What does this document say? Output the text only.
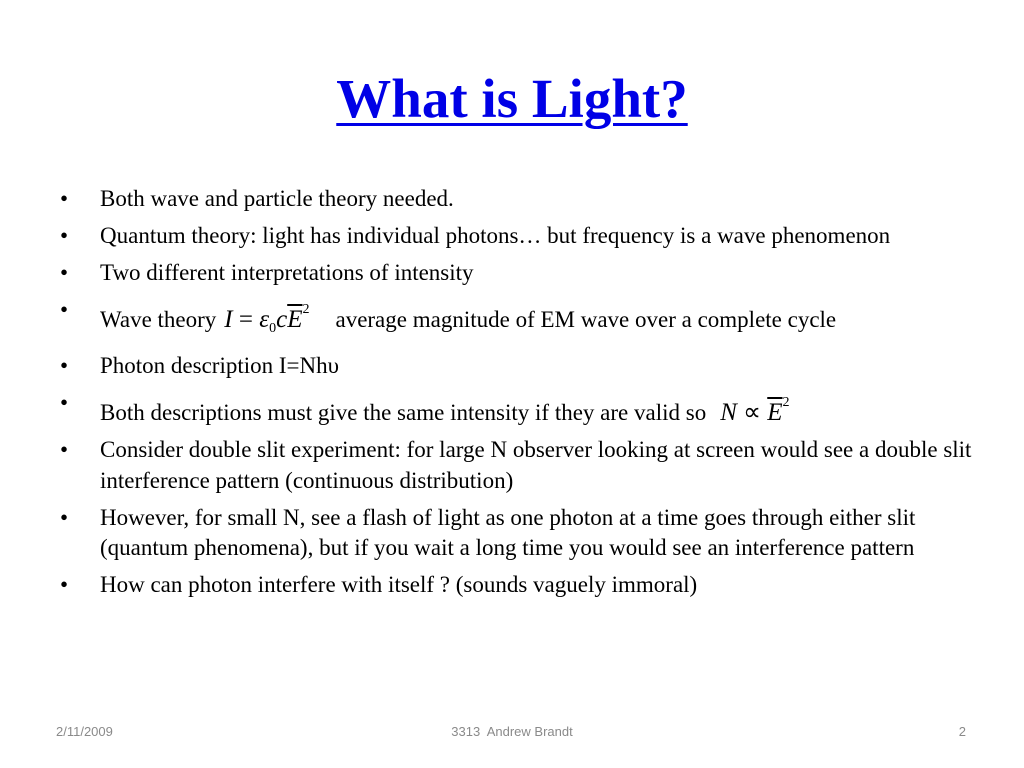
What is Light?
• Both wave and particle theory needed.
• Quantum theory: light has individual photons… but frequency is a wave phenomenon
• Two different interpretations of intensity
• Wave theory $I = \varepsilon_0c\overline{E}^2$ average magnitude of EM wave over a complete cycle
• Photon description I=Nhυ
• Both descriptions must give the same intensity if they are valid so $N \propto \overline{E}^2$
• Consider double slit experiment: for large N observer looking at screen would see a double slit interference pattern (continuous distribution)
• However, for small N, see a flash of light as one photon at a time goes through either slit (quantum phenomena), but if you wait a long time you would see an interference pattern
• How can photon interfere with itself ? (sounds vaguely immoral)
2/11/2009	3313  Andrew Brandt	2
